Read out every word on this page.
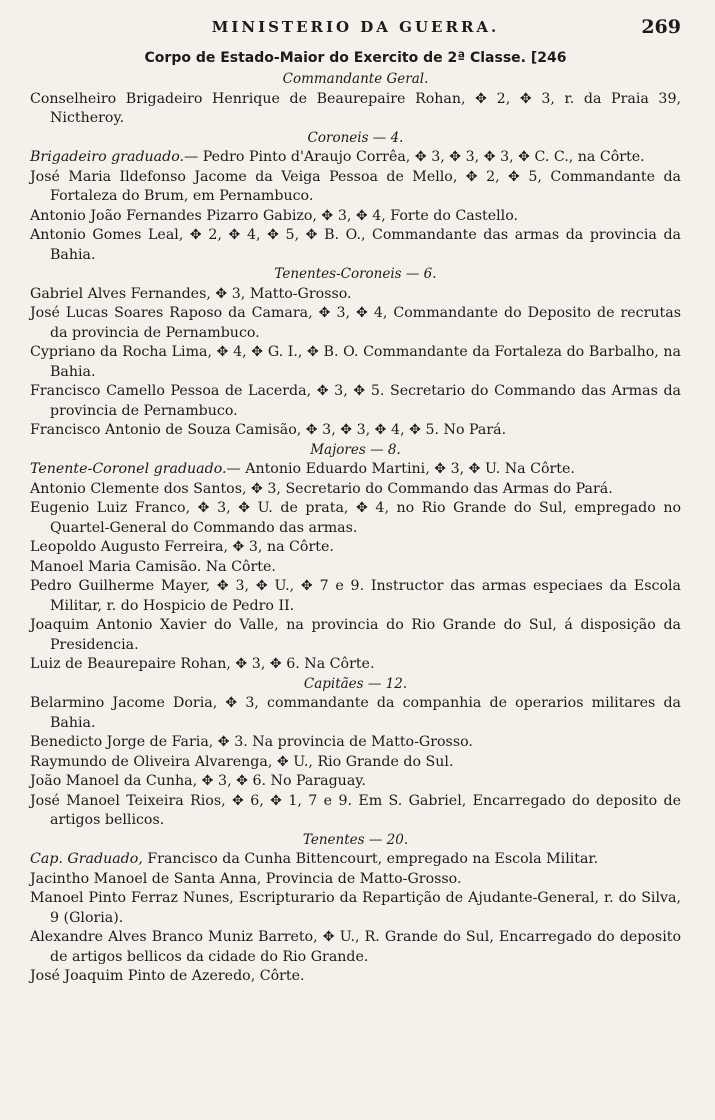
MINISTERIO DA GUERRA.	269
Corpo de Estado-Maior do Exercito de 2ª Classe. [246

Commandante Geral.

Conselheiro Brigadeiro Henrique de Beaurepaire Rohan, ✥ 2, ✥ 3, r. da Praia 39, Nictheroy.

Coroneis — 4.

Brigadeiro graduado.— Pedro Pinto d'Araujo Corrêa, ✥ 3, ✥ 3, ✥ 3, ✥ C. C., na Côrte.

José Maria Ildefonso Jacome da Veiga Pessoa de Mello, ✥ 2, ✥ 5, Commandante da Fortaleza do Brum, em Pernambuco.

Antonio João Fernandes Pizarro Gabizo, ✥ 3, ✥ 4, Forte do Castello.

Antonio Gomes Leal, ✥ 2, ✥ 4, ✥ 5, ✥ B. O., Commandante das armas da provincia da Bahia.

Tenentes-Coroneis — 6.

Gabriel Alves Fernandes, ✥ 3, Matto-Grosso.

José Lucas Soares Raposo da Camara, ✥ 3, ✥ 4, Commandante do Deposito de recrutas da provincia de Pernambuco.

Cypriano da Rocha Lima, ✥ 4, ✥ G. I., ✥ B. O. Commandante da Fortaleza do Barbalho, na Bahia.

Francisco Camello Pessoa de Lacerda, ✥ 3, ✥ 5. Secretario do Commando das Armas da provincia de Pernambuco.

Francisco Antonio de Souza Camisão, ✥ 3, ✥ 3, ✥ 4, ✥ 5. No Pará.

Majores — 8.

Tenente-Coronel graduado.— Antonio Eduardo Martini, ✥ 3, ✥ U. Na Côrte.

Antonio Clemente dos Santos, ✥ 3, Secretario do Commando das Armas do Pará.

Eugenio Luiz Franco, ✥ 3, ✥ U. de prata, ✥ 4, no Rio Grande do Sul, empregado no Quartel-General do Commando das armas.

Leopoldo Augusto Ferreira, ✥ 3, na Côrte.

Manoel Maria Camisão. Na Côrte.

Pedro Guilherme Mayer, ✥ 3, ✥ U., ✥ 7 e 9. Instructor das armas especiaes da Escola Militar, r. do Hospicio de Pedro II.

Joaquim Antonio Xavier do Valle, na provincia do Rio Grande do Sul, á disposição da Presidencia.

Luiz de Beaurepaire Rohan, ✥ 3, ✥ 6. Na Côrte.

Capitães — 12.

Belarmino Jacome Doria, ✥ 3, commandante da companhia de operarios militares da Bahia.

Benedicto Jorge de Faria, ✥ 3. Na provincia de Matto-Grosso.

Raymundo de Oliveira Alvarenga, ✥ U., Rio Grande do Sul.

João Manoel da Cunha, ✥ 3, ✥ 6. No Paraguay.

José Manoel Teixeira Rios, ✥ 6, ✥ 1, 7 e 9. Em S. Gabriel, Encarregado do deposito de artigos bellicos.

Tenentes — 20.

Cap. Graduado, Francisco da Cunha Bittencourt, empregado na Escola Militar.

Jacintho Manoel de Santa Anna, Provincia de Matto-Grosso.

Manoel Pinto Ferraz Nunes, Escripturario da Repartição de Ajudante-General, r. do Silva, 9 (Gloria).

Alexandre Alves Branco Muniz Barreto, ✥ U., R. Grande do Sul, Encarregado do deposito de artigos bellicos da cidade do Rio Grande.

José Joaquim Pinto de Azeredo, Côrte.
